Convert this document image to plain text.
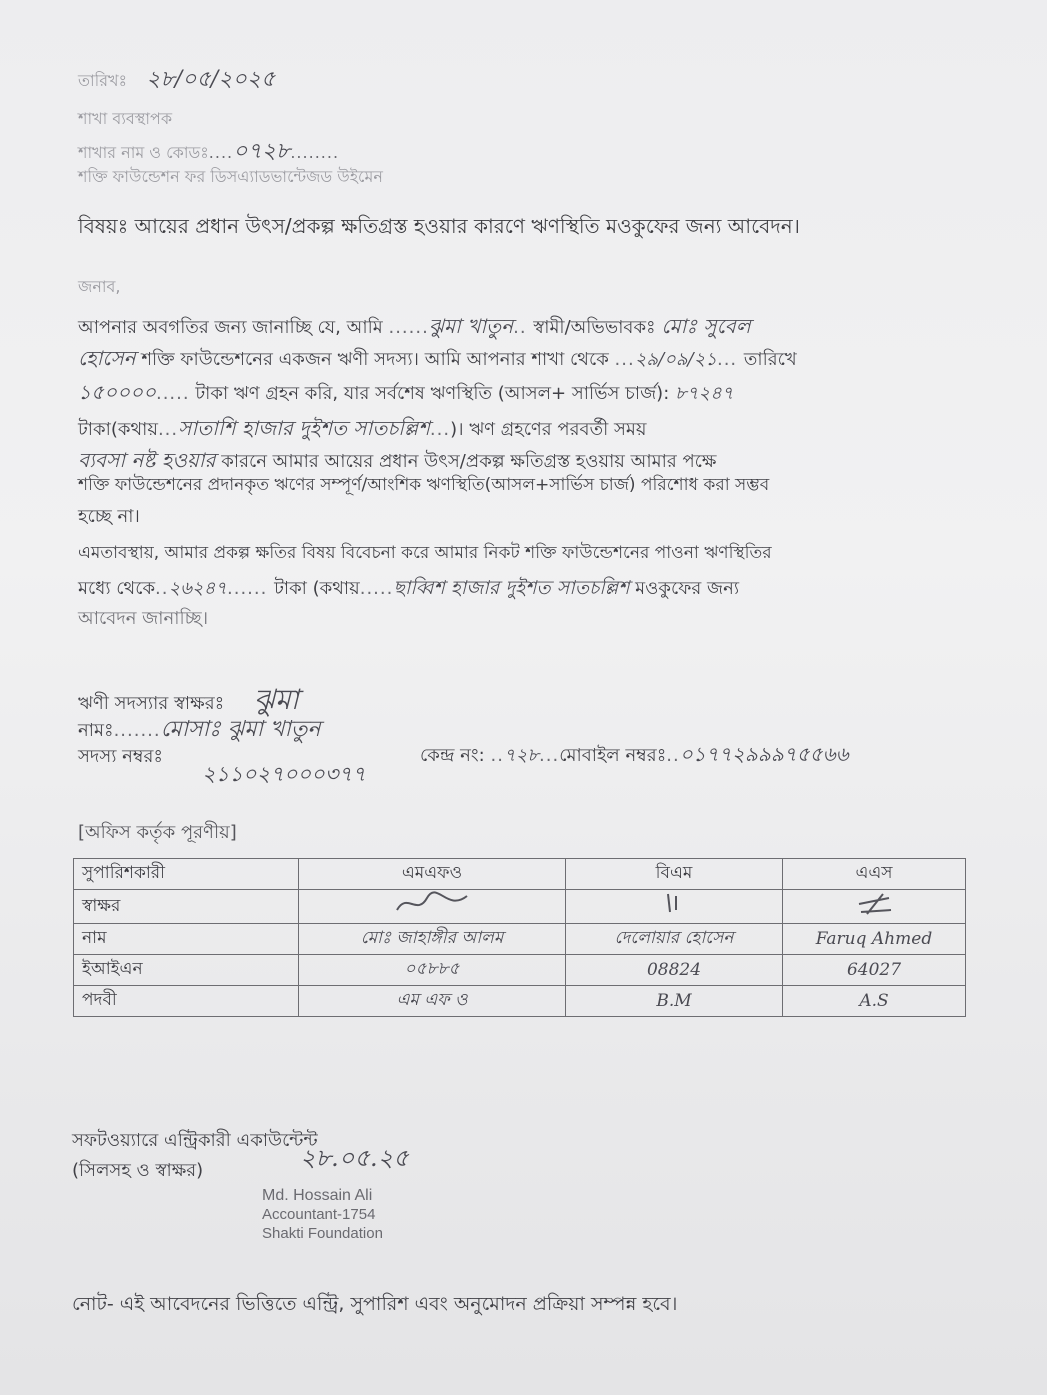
তারিখঃ ২৮/০৫/২০২৫
শাখা ব্যবস্থাপক
শাখার নাম ও কোডঃ....০৭২৮........
শক্তি ফাউন্ডেশন ফর ডিসএ্যাডভান্টেজড উইমেন
বিষয়ঃ আয়ের প্রধান উৎস/প্রকল্প ক্ষতিগ্রস্ত হওয়ার কারণে ঋণস্থিতি মওকুফের জন্য আবেদন।
জনাব,
আপনার অবগতির জন্য জানাচ্ছি যে, আমি ......ঝুমা খাতুন.. স্বামী/অভিভাবকঃ মোঃ সুবেল
হোসেন শক্তি ফাউন্ডেশনের একজন ঋণী সদস্য। আমি আপনার শাখা থেকে ...২৯/০৯/২১... তারিখে
১৫০০০০..... টাকা ঋণ গ্রহন করি, যার সর্বশেষ ঋণস্থিতি (আসল+ সার্ভিস চার্জ): ৮৭২৪৭
টাকা(কথায়...সাতাশি হাজার দুইশত সাতচল্লিশ...)। ঋণ গ্রহণের পরবর্তী সময়
ব্যবসা নষ্ট হওয়ার কারনে আমার আয়ের প্রধান উৎস/প্রকল্প ক্ষতিগ্রস্ত হওয়ায় আমার পক্ষে
শক্তি ফাউন্ডেশনের প্রদানকৃত ঋণের সম্পূর্ণ/আংশিক ঋণস্থিতি(আসল+সার্ভিস চার্জ) পরিশোধ করা সম্ভব
হচ্ছে না।
এমতাবস্থায়, আমার প্রকল্প ক্ষতির বিষয় বিবেচনা করে আমার নিকট শক্তি ফাউন্ডেশনের পাওনা ঋণস্থিতির
মধ্যে থেকে..২৬২৪৭...... টাকা (কথায়.....ছাব্বিশ হাজার দুইশত সাতচল্লিশ মওকুফের জন্য
আবেদন জানাচ্ছি।
ঋণী সদস্যার স্বাক্ষরঃ ঝুমা
নামঃ.......মোসাঃ ঝুমা খাতুন
সদস্য নম্বরঃ
২১১০২৭০০০৩৭৭
কেন্দ্র নং: ..৭২৮...মোবাইল নম্বরঃ..০১৭৭২৯৯৯৭৫৫৬৬
[অফিস কর্তৃক পূরণীয়]
সুপারিশকারী	এমএফও	বিএম	এএস
স্বাক্ষর			
নাম	মোঃ জাহাঙ্গীর আলম	দেলোয়ার হোসেন	Faruq Ahmed
ইআইএন	০৫৮৮৫	08824	64027
পদবী	এম এফ ও	B.M	A.S
সফটওয়্যারে এন্ট্রিকারী একাউন্টেন্ট
(সিলসহ ও স্বাক্ষর)	২৮.০৫.২৫
Md. Hossain Ali
Accountant-1754
Shakti Foundation
নোট- এই আবেদনের ভিত্তিতে এন্ট্রি, সুপারিশ এবং অনুমোদন প্রক্রিয়া সম্পন্ন হবে।
